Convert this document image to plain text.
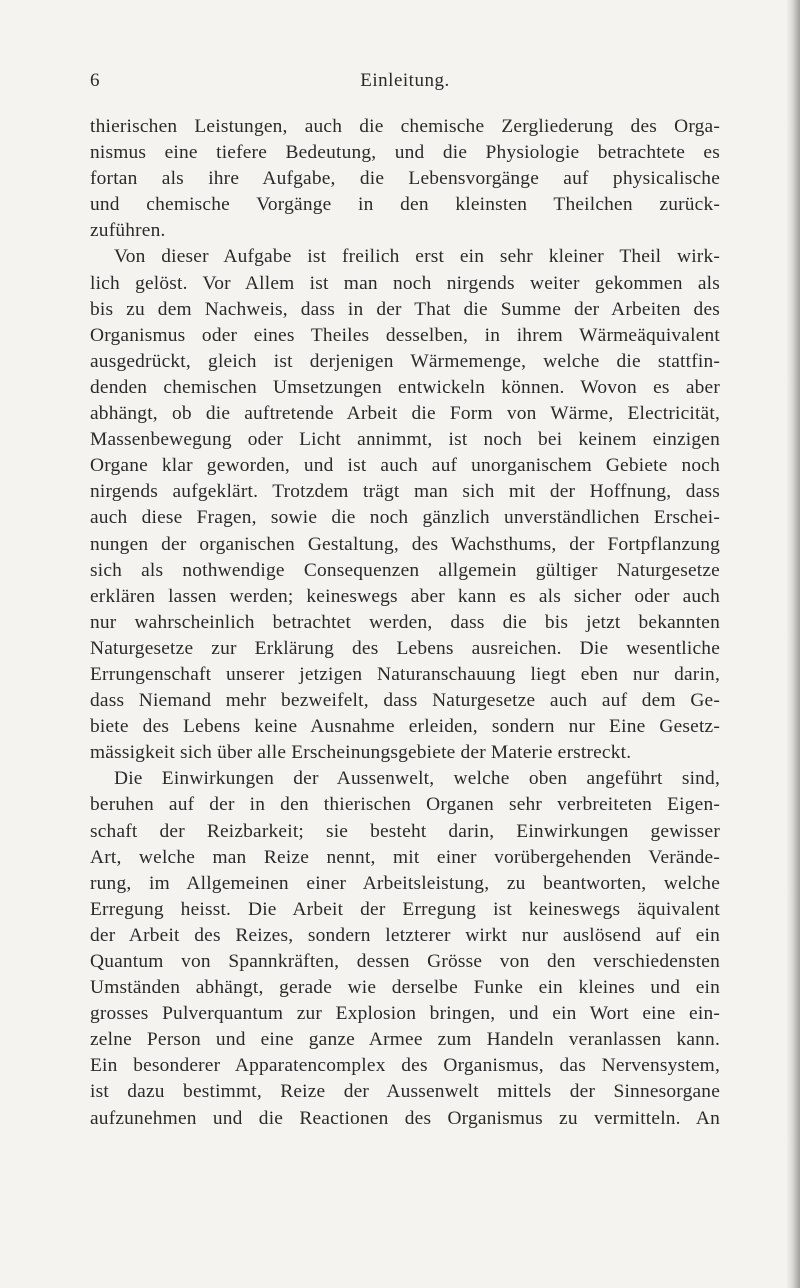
6	Einleitung.
thierischen Leistungen, auch die chemische Zergliederung des Orga-
nismus eine tiefere Bedeutung, und die Physiologie betrachtete es
fortan als ihre Aufgabe, die Lebensvorgänge auf physicalische
und chemische Vorgänge in den kleinsten Theilchen zurück-
zuführen.
Von dieser Aufgabe ist freilich erst ein sehr kleiner Theil wirk-
lich gelöst. Vor Allem ist man noch nirgends weiter gekommen als
bis zu dem Nachweis, dass in der That die Summe der Arbeiten des
Organismus oder eines Theiles desselben, in ihrem Wärmeäquivalent
ausgedrückt, gleich ist derjenigen Wärmemenge, welche die stattfin-
denden chemischen Umsetzungen entwickeln können. Wovon es aber
abhängt, ob die auftretende Arbeit die Form von Wärme, Electricität,
Massenbewegung oder Licht annimmt, ist noch bei keinem einzigen
Organe klar geworden, und ist auch auf unorganischem Gebiete noch
nirgends aufgeklärt. Trotzdem trägt man sich mit der Hoffnung, dass
auch diese Fragen, sowie die noch gänzlich unverständlichen Erschei-
nungen der organischen Gestaltung, des Wachsthums, der Fortpflanzung
sich als nothwendige Consequenzen allgemein gültiger Naturgesetze
erklären lassen werden; keineswegs aber kann es als sicher oder auch
nur wahrscheinlich betrachtet werden, dass die bis jetzt bekannten
Naturgesetze zur Erklärung des Lebens ausreichen. Die wesentliche
Errungenschaft unserer jetzigen Naturanschauung liegt eben nur darin,
dass Niemand mehr bezweifelt, dass Naturgesetze auch auf dem Ge-
biete des Lebens keine Ausnahme erleiden, sondern nur Eine Gesetz-
mässigkeit sich über alle Erscheinungsgebiete der Materie erstreckt.
Die Einwirkungen der Aussenwelt, welche oben angeführt sind,
beruhen auf der in den thierischen Organen sehr verbreiteten Eigen-
schaft der Reizbarkeit; sie besteht darin, Einwirkungen gewisser
Art, welche man Reize nennt, mit einer vorübergehenden Verände-
rung, im Allgemeinen einer Arbeitsleistung, zu beantworten, welche
Erregung heisst. Die Arbeit der Erregung ist keineswegs äquivalent
der Arbeit des Reizes, sondern letzterer wirkt nur auslösend auf ein
Quantum von Spannkräften, dessen Grösse von den verschiedensten
Umständen abhängt, gerade wie derselbe Funke ein kleines und ein
grosses Pulverquantum zur Explosion bringen, und ein Wort eine ein-
zelne Person und eine ganze Armee zum Handeln veranlassen kann.
Ein besonderer Apparatencomplex des Organismus, das Nervensystem,
ist dazu bestimmt, Reize der Aussenwelt mittels der Sinnesorgane
aufzunehmen und die Reactionen des Organismus zu vermitteln. An
